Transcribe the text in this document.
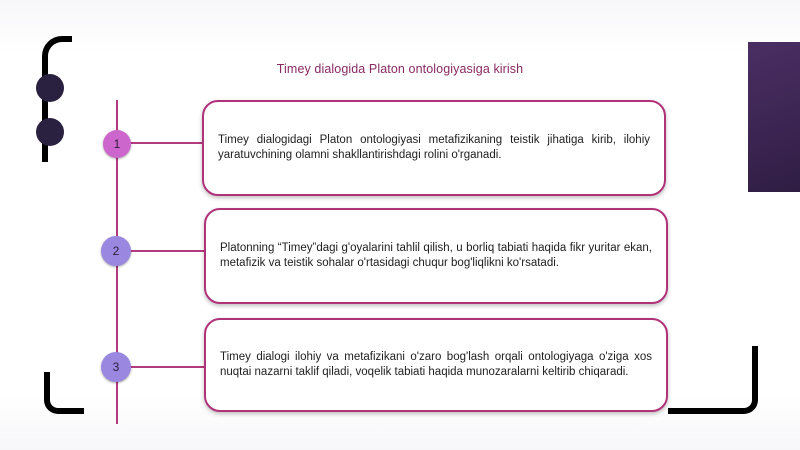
Timey dialogida Platon ontologiyasiga kirish
1	Timey dialogidagi Platon ontologiyasi metafizikaning teistik jihatiga kirib, ilohiy yaratuvchining olamni shakllantirishdagi rolini o'rganadi.
2	Platonning “Timey”dagi g'oyalarini tahlil qilish, u borliq tabiati haqida fikr yuritar ekan, metafizik va teistik sohalar o'rtasidagi chuqur bog'liqlikni ko'rsatadi.
3
Timey dialogi ilohiy va metafizikani o'zaro bog'lash orqali ontologiyaga o'ziga xos nuqtai nazarni taklif qiladi, voqelik tabiati haqida munozaralarni keltirib chiqaradi.
